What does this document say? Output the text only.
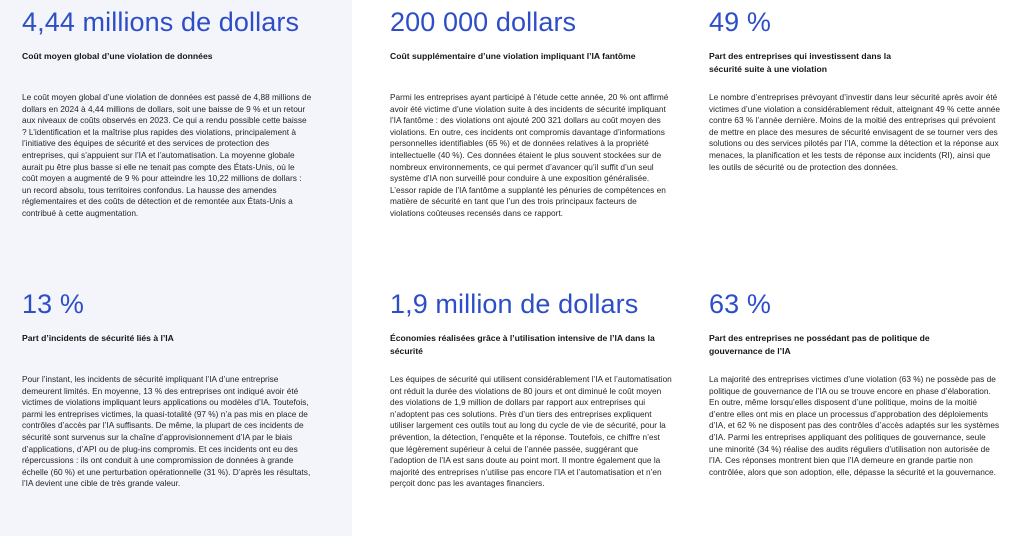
4,44 millions de dollars
Coût moyen global d’une violation de données

Le coût moyen global d’une violation de données est passé de 4,88 millions de dollars en 2024 à 4,44 millions de dollars, soit une baisse de 9 % et un retour aux niveaux de coûts observés en 2023. Ce qui a rendu possible cette baisse ? L’identification et la maîtrise plus rapides des violations, principalement à l’initiative des équipes de sécurité et des services de protection des entreprises, qui s’appuient sur l’IA et l’automatisation. La moyenne globale aurait pu être plus basse si elle ne tenait pas compte des États-Unis, où le coût moyen a augmenté de 9 % pour atteindre les 10,22 millions de dollars : un record absolu, tous territoires confondus. La hausse des amendes réglementaires et des coûts de détection et de remontée aux États-Unis a contribué à cette augmentation.

200 000 dollars
Coût supplémentaire d’une violation impliquant l’IA fantôme

Parmi les entreprises ayant participé à l’étude cette année, 20 % ont affirmé avoir été victime d’une violation suite à des incidents de sécurité impliquant l’IA fantôme : des violations ont ajouté 200 321 dollars au coût moyen des violations. En outre, ces incidents ont compromis davantage d’informations personnelles identifiables (65 %) et de données relatives à la propriété intellectuelle (40 %). Ces données étaient le plus souvent stockées sur de nombreux environnements, ce qui permet d’avancer qu’il suffit d’un seul système d’IA non surveillé pour conduire à une exposition généralisée. L’essor rapide de l’IA fantôme a supplanté les pénuries de compétences en matière de sécurité en tant que l’un des trois principaux facteurs de violations coûteuses recensés dans ce rapport.

49 %
Part des entreprises qui investissent dans la sécurité suite à une violation

Le nombre d’entreprises prévoyant d’investir dans leur sécurité après avoir été victimes d’une violation a considérablement réduit, atteignant 49 % cette année contre 63 % l’année dernière. Moins de la moitié des entreprises qui prévoient de mettre en place des mesures de sécurité envisagent de se tourner vers des solutions ou des services pilotés par l’IA, comme la détection et la réponse aux menaces, la planification et les tests de réponse aux incidents (RI), ainsi que les outils de sécurité ou de protection des données.

13 %
Part d’incidents de sécurité liés à l’IA

Pour l’instant, les incidents de sécurité impliquant l’IA d’une entreprise demeurent limités. En moyenne, 13 % des entreprises ont indiqué avoir été victimes de violations impliquant leurs applications ou modèles d’IA. Toutefois, parmi les entreprises victimes, la quasi-totalité (97 %) n’a pas mis en place de contrôles d’accès par l’IA suffisants. De même, la plupart de ces incidents de sécurité sont survenus sur la chaîne d’approvisionnement d’IA par le biais d’applications, d’API ou de plug-ins compromis. Et ces incidents ont eu des répercussions : ils ont conduit à une compromission de données à grande échelle (60 %) et une perturbation opérationnelle (31 %). D’après les résultats, l’IA devient une cible de très grande valeur.

1,9 million de dollars
Économies réalisées grâce à l’utilisation intensive de l’IA dans la sécurité

Les équipes de sécurité qui utilisent considérablement l’IA et l’automatisation ont réduit la durée des violations de 80 jours et ont diminué le coût moyen des violations de 1,9 million de dollars par rapport aux entreprises qui n’adoptent pas ces solutions. Près d’un tiers des entreprises expliquent utiliser largement ces outils tout au long du cycle de vie de sécurité, pour la prévention, la détection, l’enquête et la réponse. Toutefois, ce chiffre n’est que légèrement supérieur à celui de l’année passée, suggérant que l’adoption de l’IA est sans doute au point mort. Il montre également que la majorité des entreprises n’utilise pas encore l’IA et l’automatisation et n’en perçoit donc pas les avantages financiers.

63 %
Part des entreprises ne possédant pas de politique de gouvernance de l’IA

La majorité des entreprises victimes d’une violation (63 %) ne possède pas de politique de gouvernance de l’IA ou se trouve encore en phase d’élaboration. En outre, même lorsqu’elles disposent d’une politique, moins de la moitié d’entre elles ont mis en place un processus d’approbation des déploiements d’IA, et 62 % ne disposent pas des contrôles d’accès adaptés sur les systèmes d’IA. Parmi les entreprises appliquant des politiques de gouvernance, seule une minorité (34 %) réalise des audits réguliers d’utilisation non autorisée de l’IA. Ces réponses montrent bien que l’IA demeure en grande partie non contrôlée, alors que son adoption, elle, dépasse la sécurité et la gouvernance.
